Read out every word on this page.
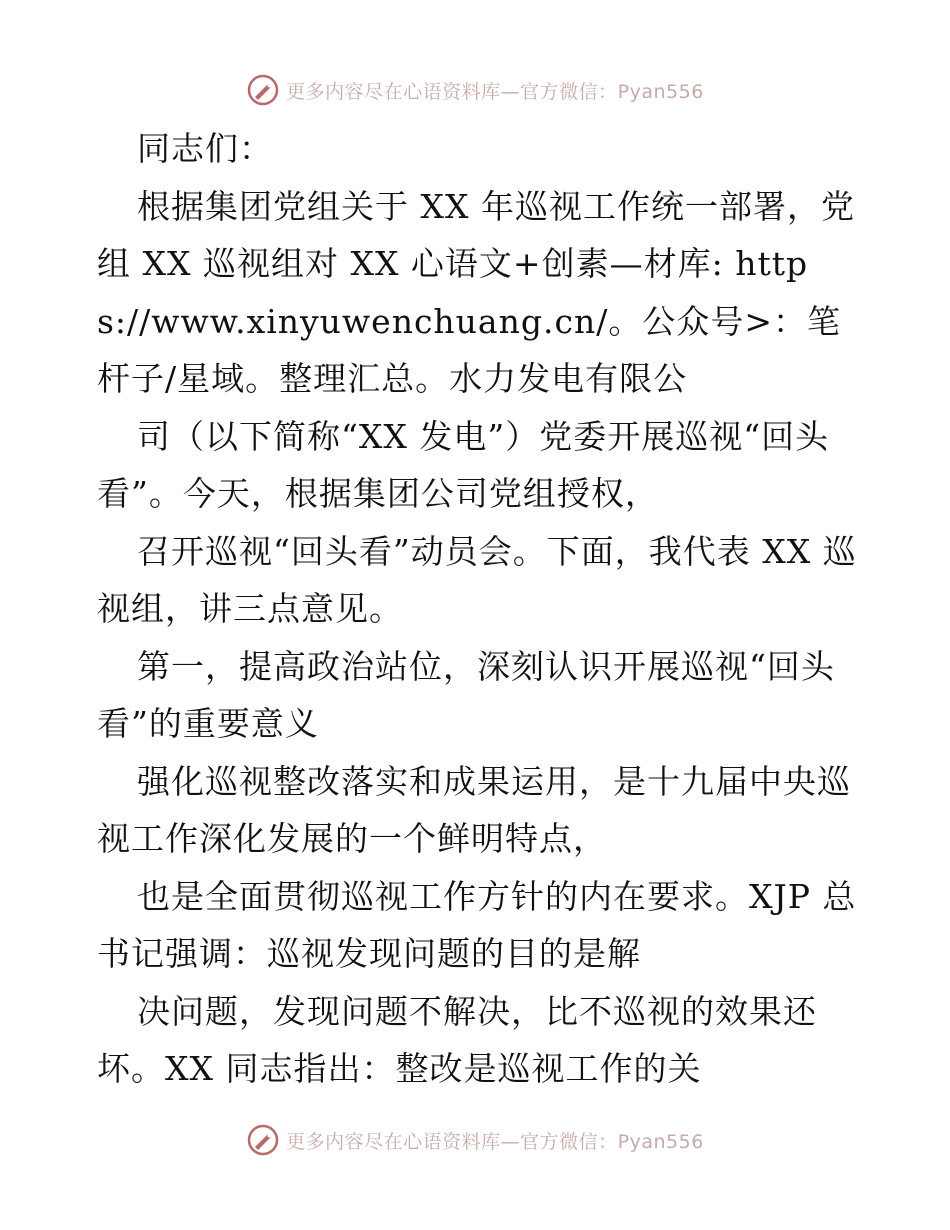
更多内容尽在心语资料库—官方微信：Pyan556

同志们：

根据集团党组关于 XX 年巡视工作统一部署，党组 XX 巡视组对 XX 心语文+创素—材库: https://www.xinyuwenchuang.cn/。公众号>：笔杆子/星域。整理汇总。水力发电有限公

司（以下简称“XX 发电”）党委开展巡视“回头看”。今天，根据集团公司党组授权，

召开巡视“回头看”动员会。下面，我代表 XX 巡视组，讲三点意见。

第一，提高政治站位，深刻认识开展巡视“回头看”的重要意义

强化巡视整改落实和成果运用，是十九届中央巡视工作深化发展的一个鲜明特点，

也是全面贯彻巡视工作方针的内在要求。XJP 总书记强调：巡视发现问题的目的是解

决问题，发现问题不解决，比不巡视的效果还坏。XX 同志指出：整改是巡视工作的关

更多内容尽在心语资料库—官方微信：Pyan556
